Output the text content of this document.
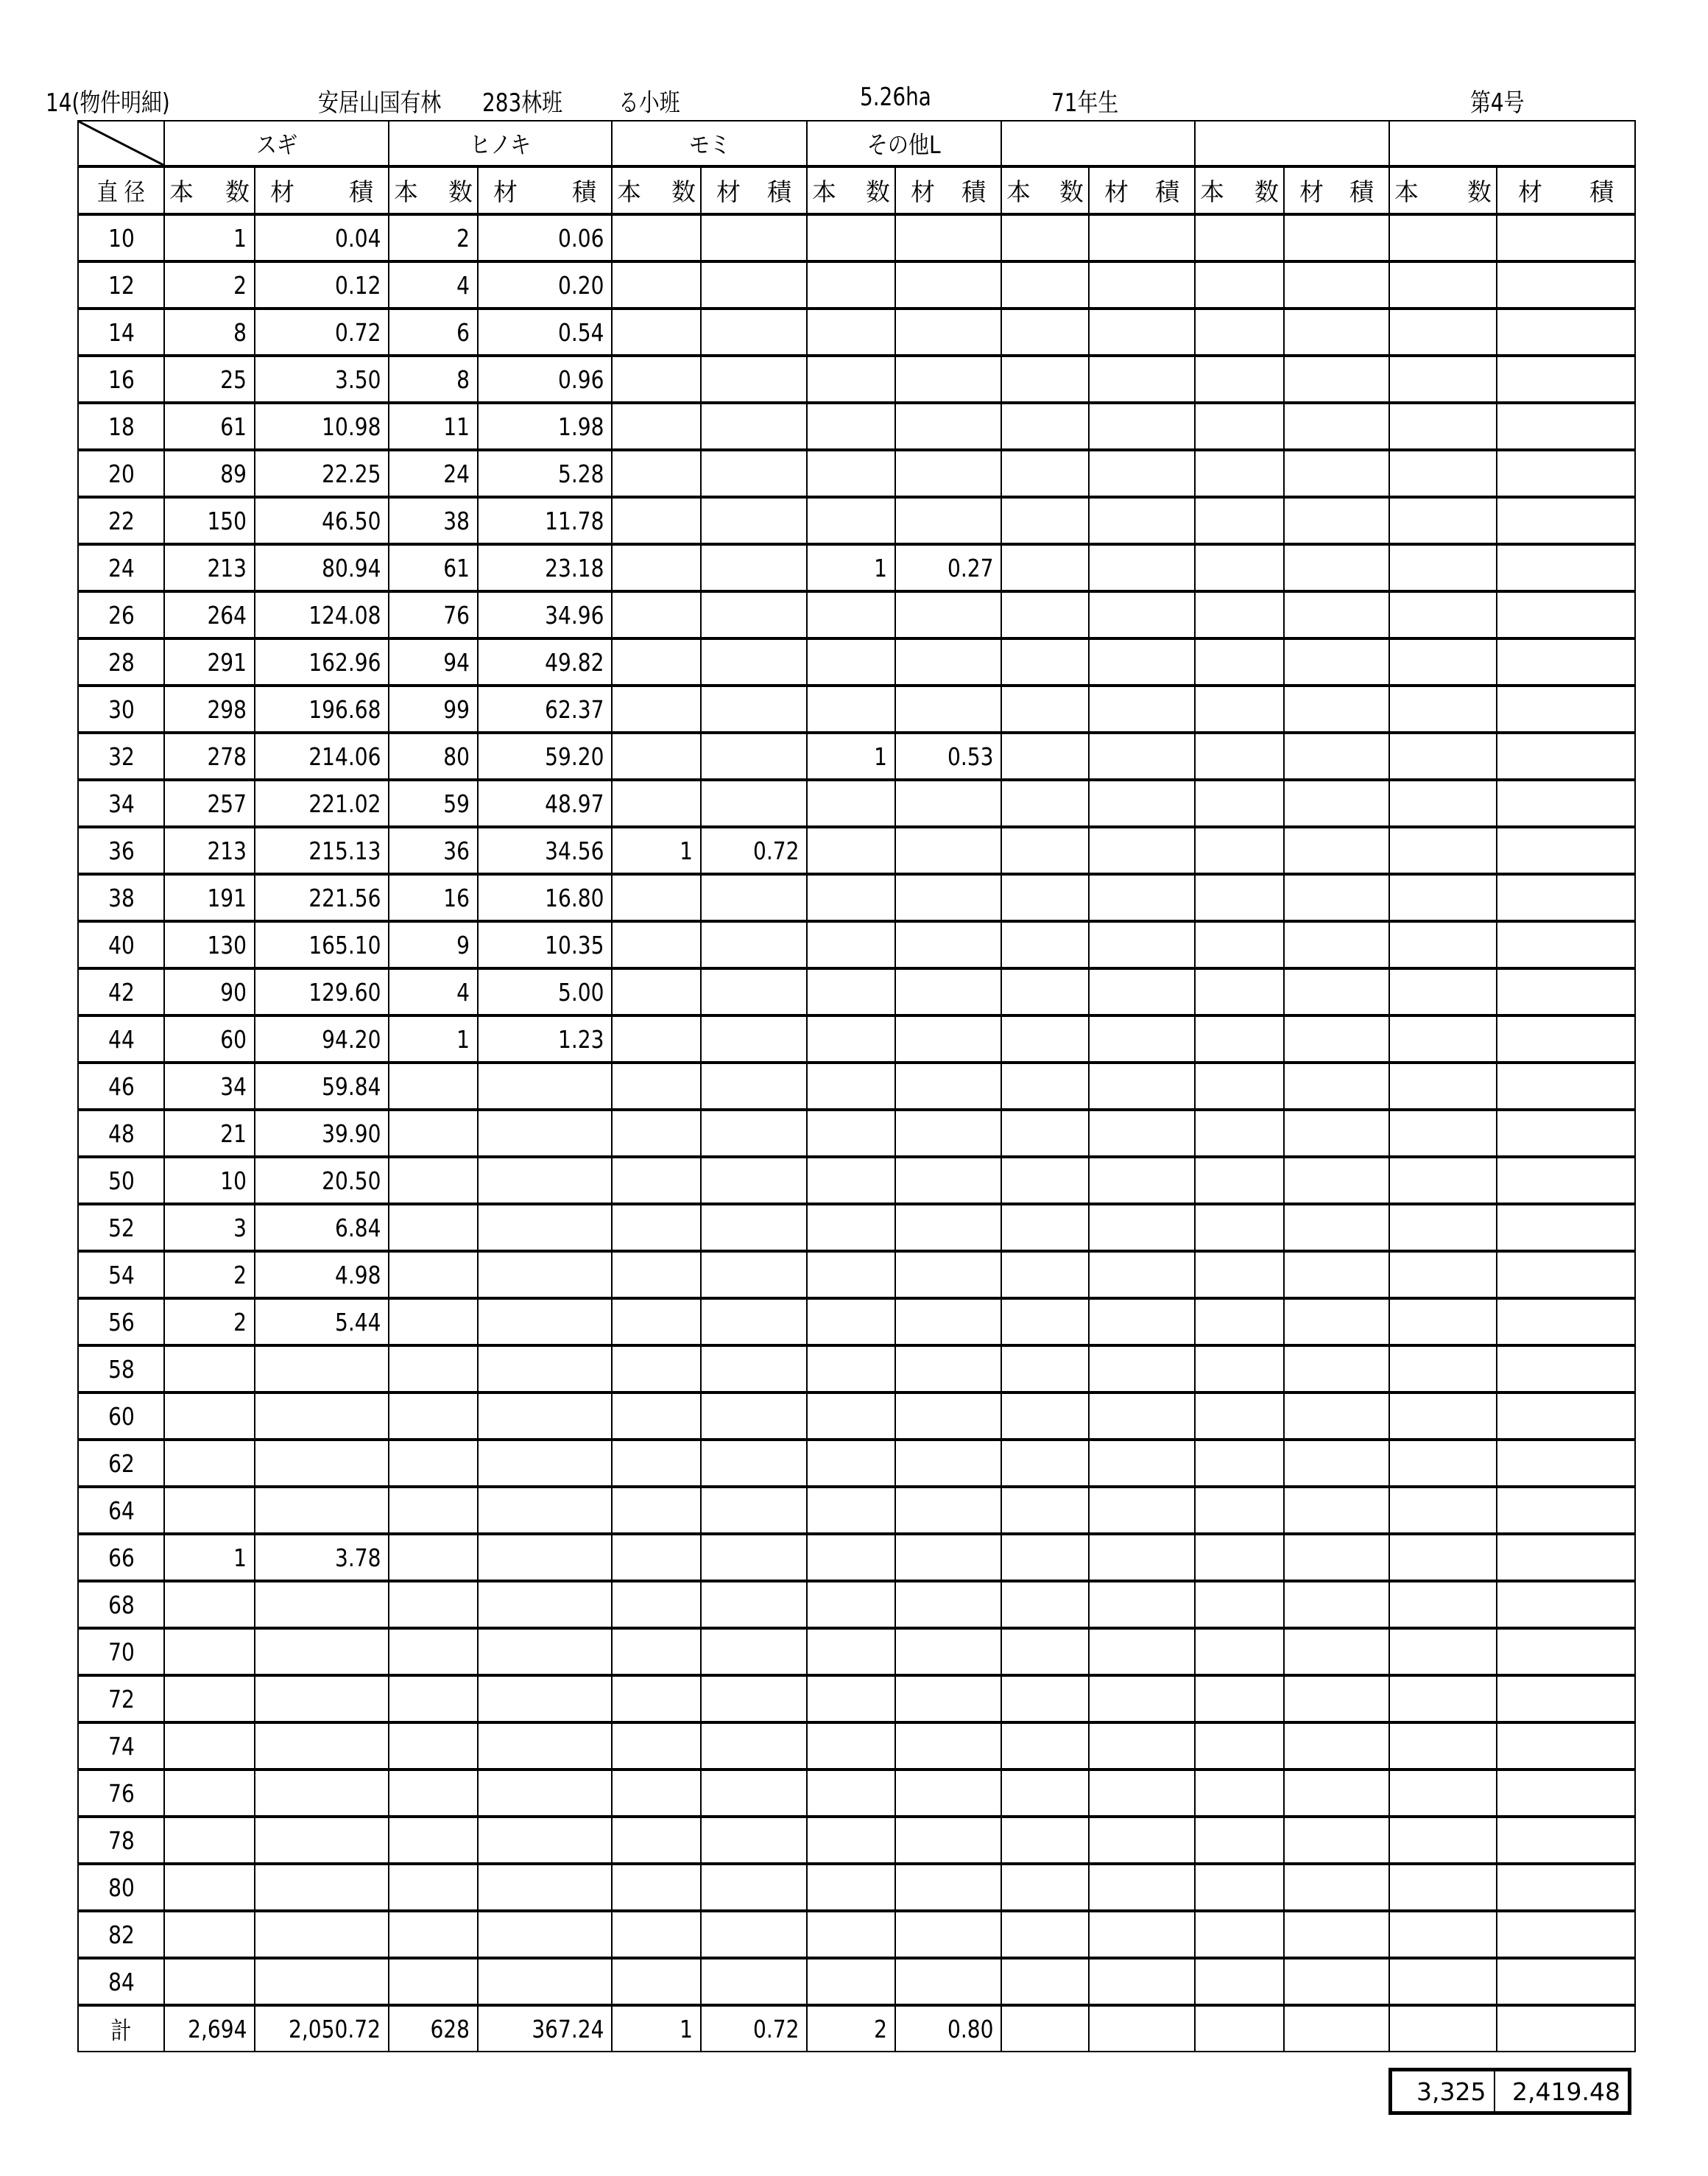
14(物件明細)	安居山国有林 283林班 る小班	5.26ha	71年生	第4号
	スギ		ヒノキ		モミ		その他L							
直 径	本 数	材 積	本 数	材 積	本 数	材 積	本 数	材 積	本 数	材 積	本 数	材 積	本 数	材 積

10	1	0.04	2	0.06										
12	2	0.12	4	0.20										
14	8	0.72	6	0.54										
16	25	3.50	8	0.96										
18	61	10.98	11	1.98										
20	89	22.25	24	5.28										
22	150	46.50	38	11.78										
24	213	80.94	61	23.18			1	0.27						
26	264	124.08	76	34.96										
28	291	162.96	94	49.82										
30	298	196.68	99	62.37										
32	278	214.06	80	59.20			1	0.53						
34	257	221.02	59	48.97										
36	213	215.13	36	34.56	1	0.72								
38	191	221.56	16	16.80										
40	130	165.10	9	10.35										
42	90	129.60	4	5.00										
44	60	94.20	1	1.23										
46	34	59.84												
48	21	39.90												
50	10	20.50												
52	3	6.84												
54	2	4.98												
56	2	5.44												
58														
60														
62														
64														
66	1	3.78												
68														
70														
72														
74														
76														
78														
80														
82														
84														
計	2,694	2,050.72	628	367.24	1	0.72	2	0.80						
3,325	2,419.48
